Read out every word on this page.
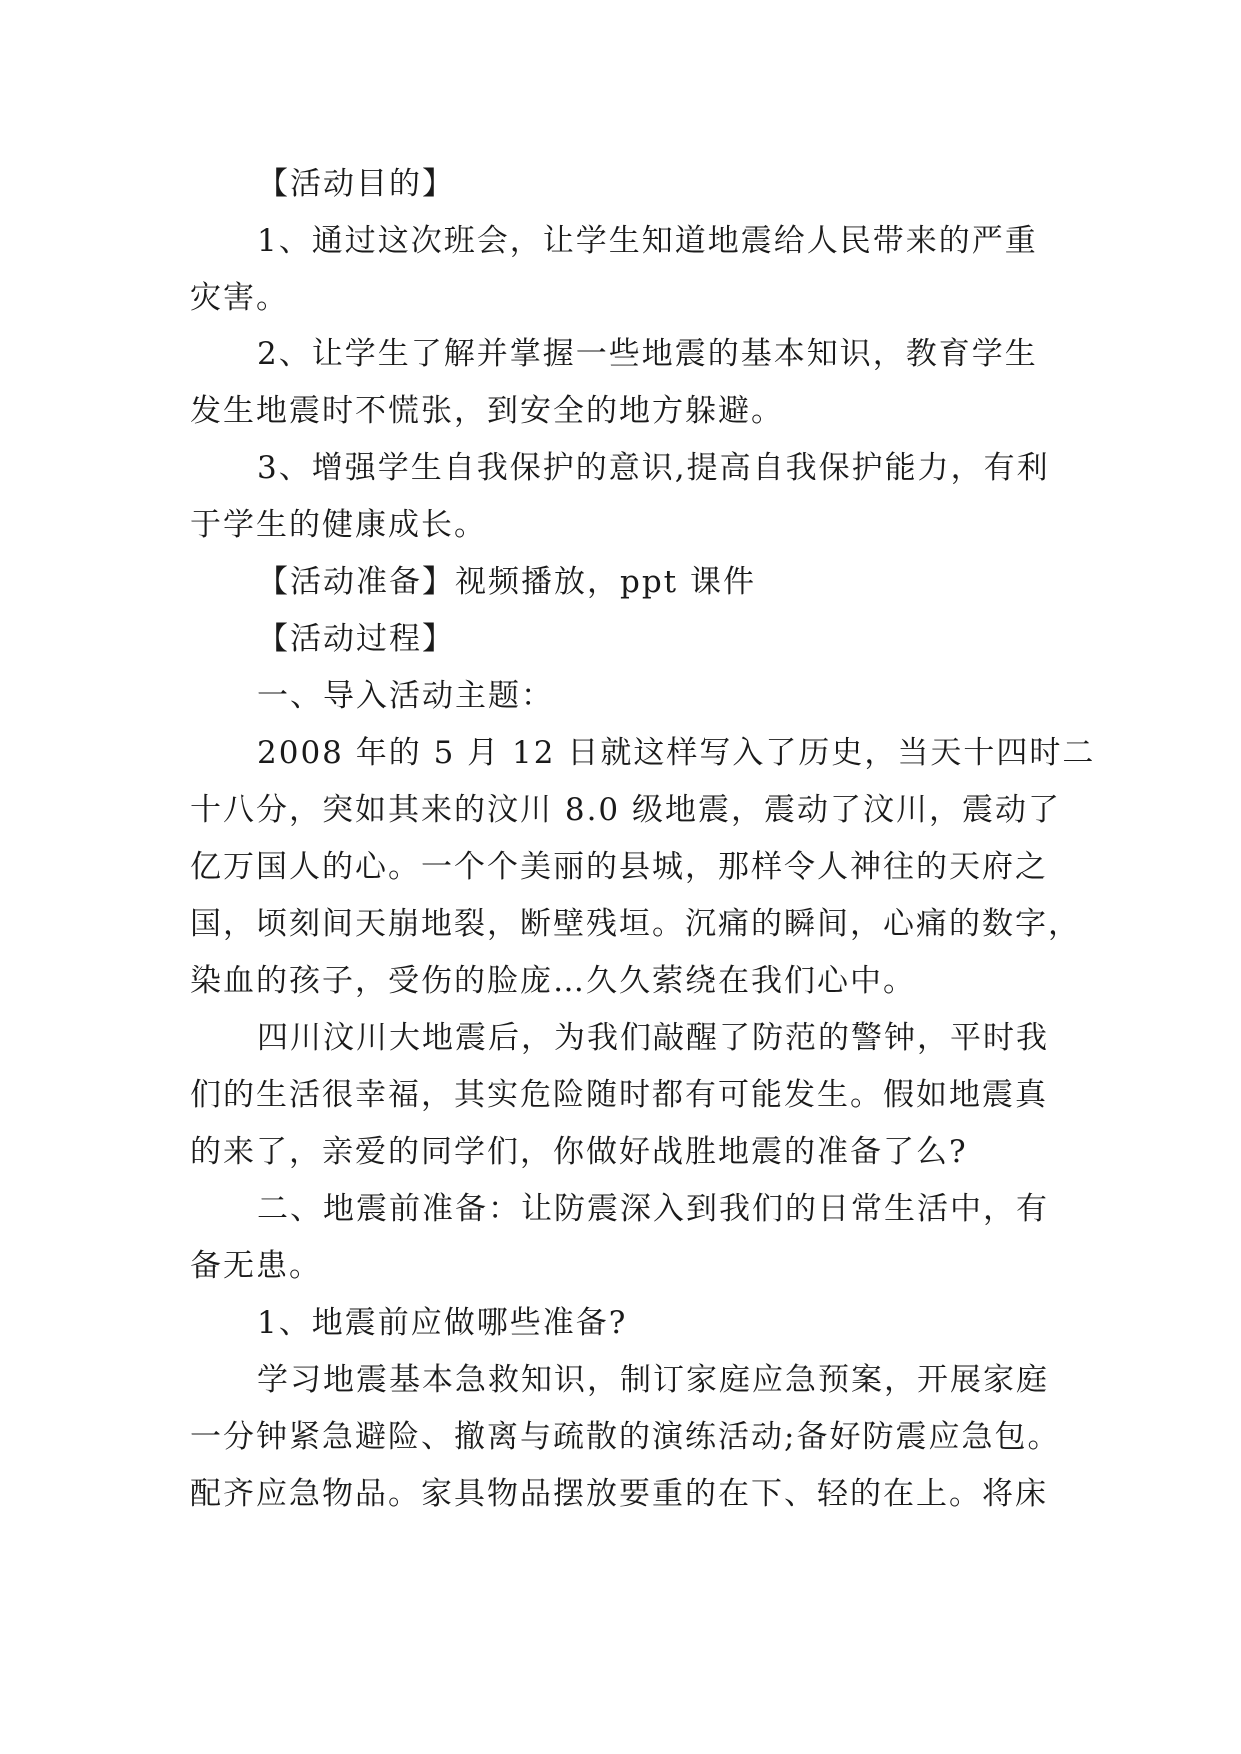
【活动目的】
1、通过这次班会，让学生知道地震给人民带来的严重
灾害。
2、让学生了解并掌握一些地震的基本知识，教育学生
发生地震时不慌张，到安全的地方躲避。
3、增强学生自我保护的意识,提高自我保护能力，有利
于学生的健康成长。
【活动准备】视频播放，ppt 课件
【活动过程】
一、导入活动主题：
2008 年的 5 月 12 日就这样写入了历史，当天十四时二
十八分，突如其来的汶川 8.0 级地震，震动了汶川，震动了
亿万国人的心。一个个美丽的县城，那样令人神往的天府之
国，顷刻间天崩地裂，断壁残垣。沉痛的瞬间，心痛的数字，
染血的孩子，受伤的脸庞…久久萦绕在我们心中。
四川汶川大地震后，为我们敲醒了防范的警钟，平时我
们的生活很幸福，其实危险随时都有可能发生。假如地震真
的来了，亲爱的同学们，你做好战胜地震的准备了么?
二、地震前准备：让防震深入到我们的日常生活中，有
备无患。
1、地震前应做哪些准备?
学习地震基本急救知识，制订家庭应急预案，开展家庭
一分钟紧急避险、撤离与疏散的演练活动;备好防震应急包。
配齐应急物品。家具物品摆放要重的在下、轻的在上。将床
